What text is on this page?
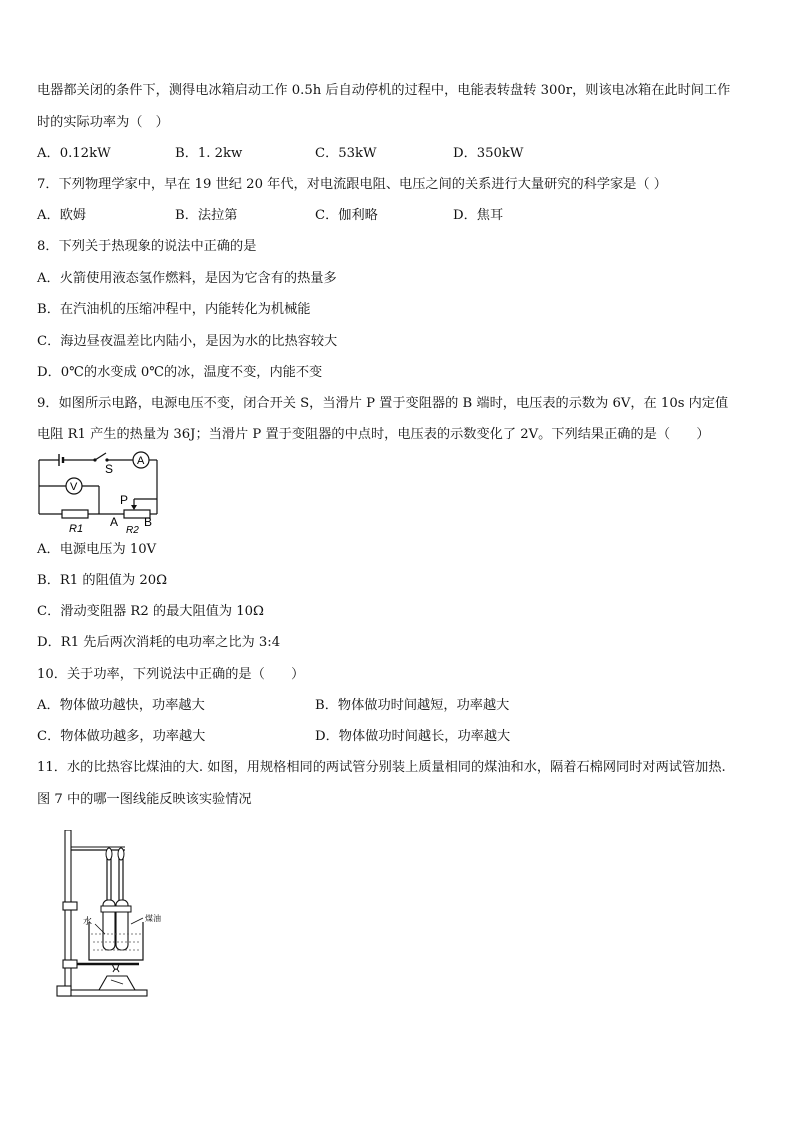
电器都关闭的条件下，测得电冰箱启动工作 0.5h 后自动停机的过程中，电能表转盘转 300r，则该电冰箱在此时间工作
时的实际功率为（　）
A．0.12kW	B．1. 2kw	C．53kW	D．350kW
7．下列物理学家中，早在 19 世纪 20 年代，对电流跟电阻、电压之间的关系进行大量研究的科学家是（ ）
A．欧姆	B．法拉第	C．伽利略	D．焦耳
8．下列关于热现象的说法中正确的是
A．火箭使用液态氢作燃料，是因为它含有的热量多
B．在汽油机的压缩冲程中，内能转化为机械能
C．海边昼夜温差比内陆小，是因为水的比热容较大
D．0℃的水变成 0℃的冰，温度不变，内能不变
9．如图所示电路，电源电压不变，闭合开关 S，当滑片 P 置于变阻器的 B 端时，电压表的示数为 6V，在 10s 内定值
电阻 R1 产生的热量为 36J；当滑片 P 置于变阻器的中点时，电压表的示数变化了 2V。下列结果正确的是（　　）
S
A
V
P
R1 A B
R2
A．电源电压为 10V
B．R1 的阻值为 20Ω
C．滑动变阻器 R2 的最大阻值为 10Ω
D．R1 先后两次消耗的电功率之比为 3:4
10．关于功率，下列说法中正确的是（　　）
A．物体做功越快，功率越大	B．物体做功时间越短，功率越大
C．物体做功越多，功率越大	D．物体做功时间越长，功率越大
11．水的比热容比煤油的大. 如图，用规格相同的两试管分别装上质量相同的煤油和水，隔着石棉网同时对两试管加热.
图 7 中的哪一图线能反映该实验情况
水	煤油
